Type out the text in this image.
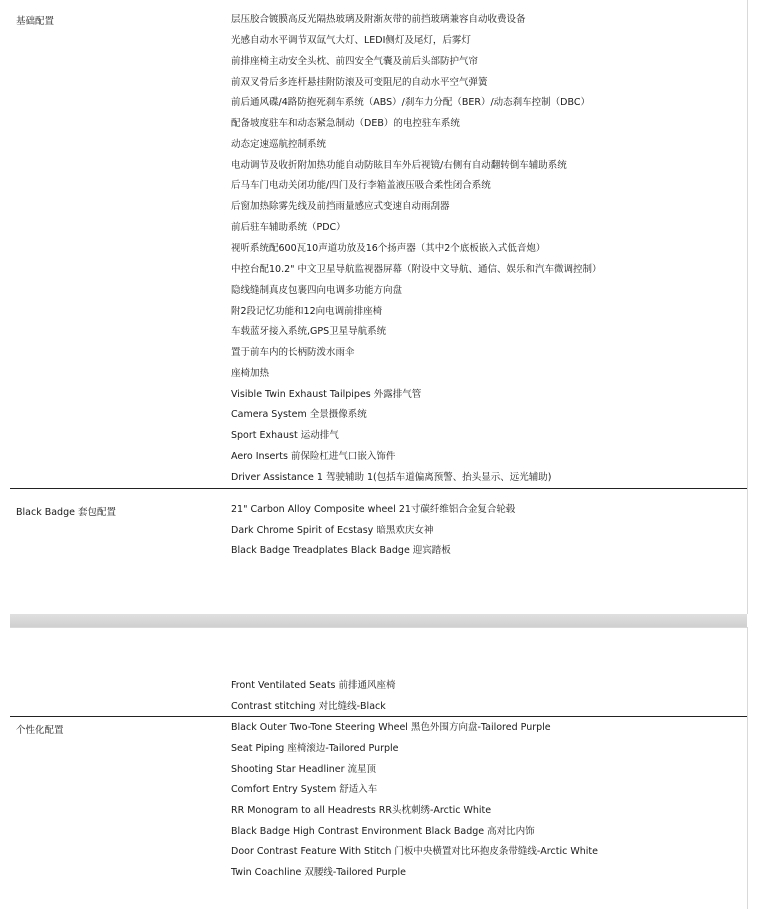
基础配置	层压胶合镀膜高反光隔热玻璃及附渐灰带的前挡玻璃兼容自动收费设备
光感自动水平调节双氙气大灯、LEDI侧灯及尾灯，后雾灯
前排座椅主动安全头枕、前四安全气囊及前后头部防护气帘
前双叉骨后多连杆悬挂附防滚及可变阻尼的自动水平空气弹簧
前后通风碟/4路防抱死刹车系统（ABS）/刹车力分配（BER）/动态刹车控制（DBC）
配备坡度驻车和动态紧急制动（DEB）的电控驻车系统
动态定速巡航控制系统
电动调节及收折附加热功能自动防眩目车外后视镜/右侧有自动翻转倒车辅助系统
后马车门电动关闭功能/四门及行李箱盖液压吸合柔性闭合系统
后窗加热除雾先线及前挡雨量感应式变速自动雨刮器
前后驻车辅助系统（PDC）
视听系统配600瓦10声道功放及16个扬声器（其中2个底板嵌入式低音炮）
中控台配10.2" 中文卫星导航监视器屏幕（附设中文导航、通信、娱乐和汽车微调控制）
隐线缝制真皮包裹四向电调多功能方向盘
附2段记忆功能和12向电调前排座椅
车载蓝牙接入系统,GPS卫星导航系统
置于前车内的长柄防泼水雨伞
座椅加热
Visible Twin Exhaust Tailpipes 外露排气管
Camera System 全景摄像系统
Sport Exhaust 运动排气
Aero Inserts 前保险杠进气口嵌入饰件
Driver Assistance 1 驾驶辅助 1(包括车道偏离预警、抬头显示、远光辅助)
Black Badge 套包配置	21" Carbon Alloy Composite wheel 21寸碳纤维铝合金复合轮毂
Dark Chrome Spirit of Ecstasy 暗黑欢庆女神
Black Badge Treadplates Black Badge 迎宾踏板
Front Ventilated Seats 前排通风座椅
Contrast stitching 对比缝线-Black
个性化配置	Black Outer Two-Tone Steering Wheel 黑色外围方向盘-Tailored Purple
Seat Piping 座椅滚边-Tailored Purple
Shooting Star Headliner 流星顶
Comfort Entry System 舒适入车
RR Monogram to all Headrests RR头枕刺绣-Arctic White
Black Badge High Contrast Environment Black Badge 高对比内饰
Door Contrast Feature With Stitch 门板中央横置对比环抱皮条带缝线-Arctic White
Twin Coachline 双腰线-Tailored Purple
